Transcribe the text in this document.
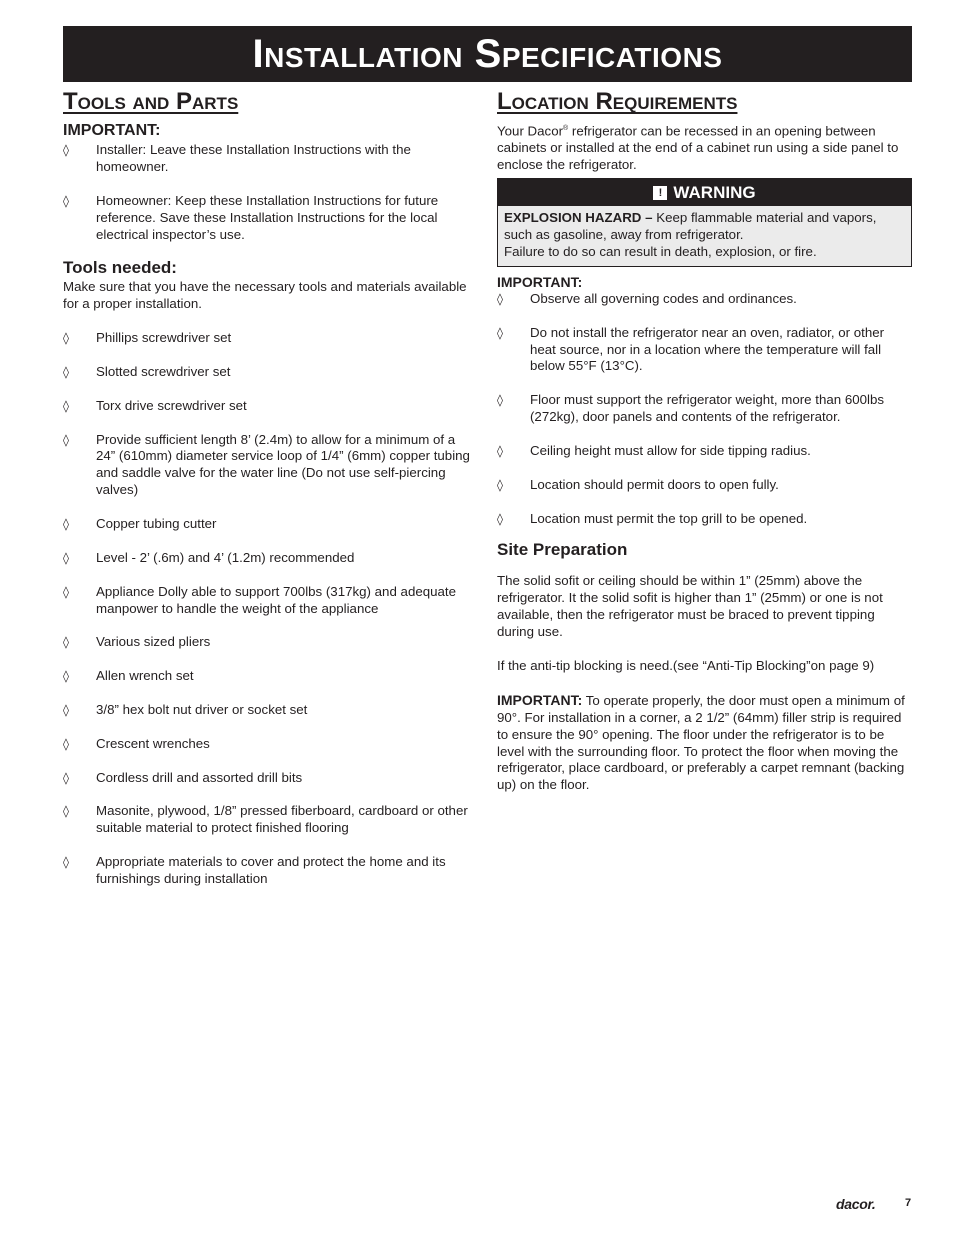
Installation Specifications
Tools and Parts
IMPORTANT:
◊ Installer: Leave these Installation Instructions with the homeowner.
◊ Homeowner: Keep these Installation Instructions for future reference. Save these Installation Instructions for the local electrical inspector’s use.
Tools needed:

Make sure that you have the necessary tools and materials available for a proper installation.

◊ Phillips screwdriver set
◊ Slotted screwdriver set
◊ Torx drive screwdriver set
◊ Provide sufficient length 8’ (2.4m) to allow for a minimum of a 24” (610mm) diameter service loop of 1/4” (6mm) copper tubing and saddle valve for the water line (Do not use self-piercing valves)
◊ Copper tubing cutter
◊ Level - 2’ (.6m) and 4’ (1.2m) recommended
◊ Appliance Dolly able to support 700lbs (317kg) and adequate manpower to handle the weight of the appliance
◊ Various sized pliers
◊ Allen wrench set
◊ 3/8” hex bolt nut driver or socket set
◊ Crescent wrenches
◊ Cordless drill and assorted drill bits
◊ Masonite, plywood, 1/8” pressed fiberboard, cardboard or other suitable material to protect finished flooring
◊ Appropriate materials to cover and protect the home and its furnishings during installation
Location Requirements

Your Dacor® refrigerator can be recessed in an opening between cabinets or installed at the end of a cabinet run using a side panel to enclose the refrigerator.

! WARNING
EXPLOSION HAZARD – Keep flammable material and vapors, such as gasoline, away from refrigerator.
Failure to do so can result in death, explosion, or fire.
IMPORTANT:
◊ Observe all governing codes and ordinances.
◊ Do not install the refrigerator near an oven, radiator, or other heat source, nor in a location where the temperature will fall below 55°F (13°C).
◊ Floor must support the refrigerator weight, more than 600lbs (272kg), door panels and contents of the refrigerator.
◊ Ceiling height must allow for side tipping radius.
◊ Location should permit doors to open fully.
◊ Location must permit the top grill to be opened.
Site Preparation

The solid sofit or ceiling should be within 1” (25mm) above the refrigerator. It the solid sofit is higher than 1” (25mm) or one is not available, then the refrigerator must be braced to prevent tipping during use.

If the anti-tip blocking is need.(see “Anti-Tip Blocking”on page 9)

IMPORTANT: To operate properly, the door must open a minimum of 90°. For installation in a corner, a 2 1/2” (64mm) filler strip is required to ensure the 90° opening. The floor under the refrigerator is to be level with the surrounding floor. To protect the floor when moving the refrigerator, place cardboard, or preferably a carpet remnant (backing up) on the floor.

dacor.	7
